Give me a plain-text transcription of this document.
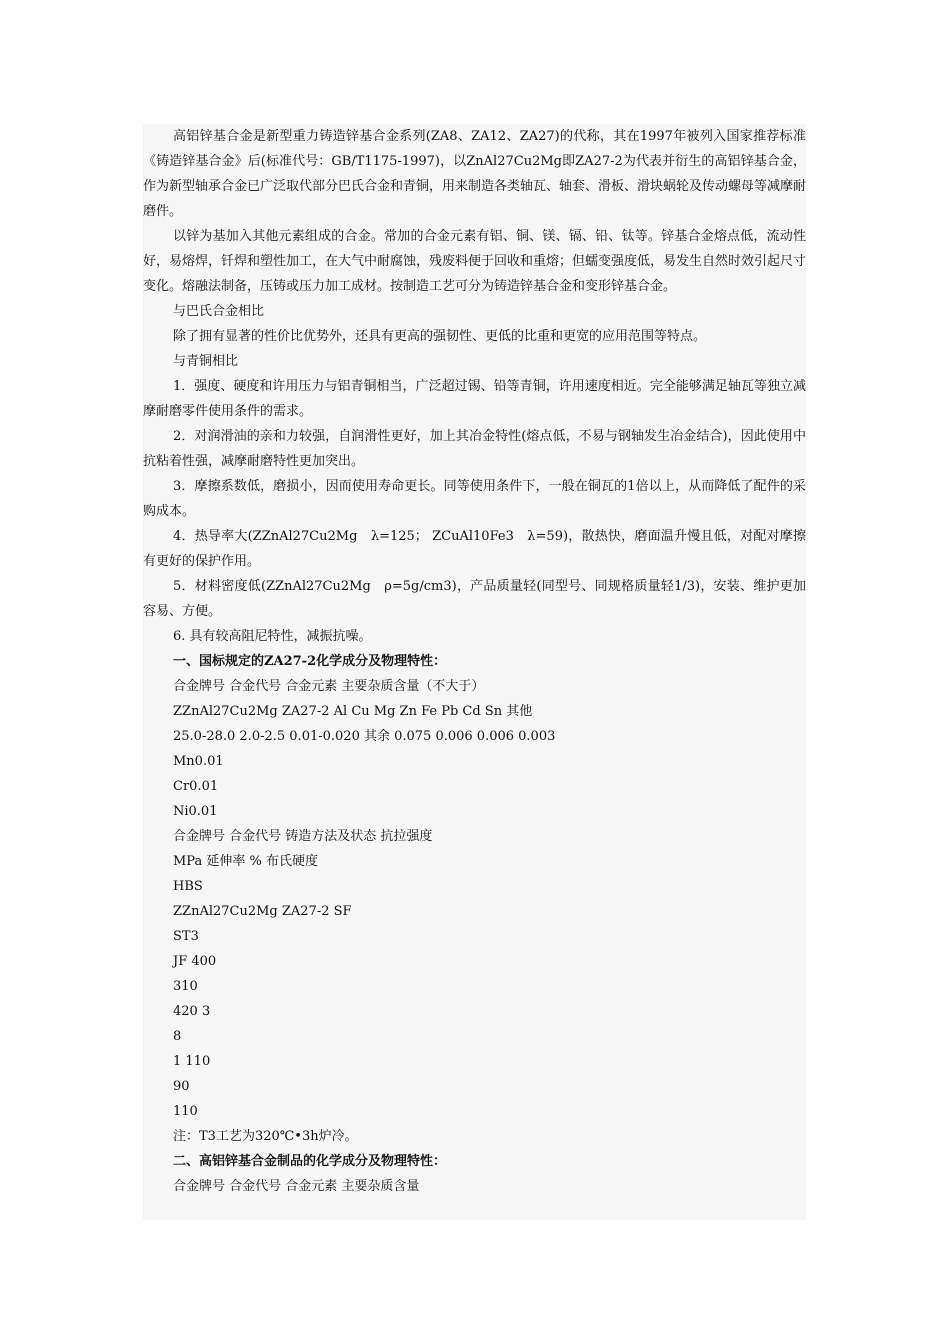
高铝锌基合金是新型重力铸造锌基合金系列(ZA8、ZA12、ZA27)的代称，其在1997年被列入国家推荐标准《铸造锌基合金》后(标准代号：GB/T1175-1997)，以ZnAl27Cu2Mg即ZA27-2为代表并衍生的高铝锌基合金，作为新型轴承合金已广泛取代部分巴氏合金和青铜，用来制造各类轴瓦、轴套、滑板、滑块蜗轮及传动螺母等减摩耐磨件。

以锌为基加入其他元素组成的合金。常加的合金元素有铝、铜、镁、镉、铅、钛等。锌基合金熔点低，流动性好，易熔焊，钎焊和塑性加工，在大气中耐腐蚀，残废料便于回收和重熔；但蠕变强度低，易发生自然时效引起尺寸变化。熔融法制备，压铸或压力加工成材。按制造工艺可分为铸造锌基合金和变形锌基合金。

与巴氏合金相比

除了拥有显著的性价比优势外，还具有更高的强韧性、更低的比重和更宽的应用范围等特点。

与青铜相比

1．强度、硬度和许用压力与铝青铜相当，广泛超过锡、铅等青铜，许用速度相近。完全能够满足轴瓦等独立减摩耐磨零件使用条件的需求。

2．对润滑油的亲和力较强，自润滑性更好，加上其冶金特性(熔点低，不易与钢轴发生冶金结合)，因此使用中抗粘着性强，减摩耐磨特性更加突出。

3．摩擦系数低，磨损小，因而使用寿命更长。同等使用条件下，一般在铜瓦的1倍以上，从而降低了配件的采购成本。

4．热导率大(ZZnAl27Cu2Mg　λ=125； ZCuAl10Fe3　λ=59)，散热快，磨面温升慢且低，对配对摩擦有更好的保护作用。

5．材料密度低(ZZnAl27Cu2Mg　ρ=5g/cm3)，产品质量轻(同型号、同规格质量轻1/3)，安装、维护更加容易、方便。

6. 具有较高阻尼特性，减振抗噪。

一、国标规定的ZA27-2化学成分及物理特性：

合金牌号 合金代号 合金元素 主要杂质含量（不大于）

ZZnAl27Cu2Mg ZA27-2 Al Cu Mg Zn Fe Pb Cd Sn 其他

25.0-28.0 2.0-2.5 0.01-0.020 其余 0.075 0.006 0.006 0.003

Mn0.01

Cr0.01

Ni0.01

合金牌号 合金代号 铸造方法及状态 抗拉强度

MPa 延伸率 % 布氏硬度

HBS

ZZnAl27Cu2Mg ZA27-2 SF

ST3

JF 400

310

420 3

8

1 110

90

110

注：T3工艺为320℃•3h炉冷。

二、高铝锌基合金制品的化学成分及物理特性：

合金牌号 合金代号 合金元素 主要杂质含量
